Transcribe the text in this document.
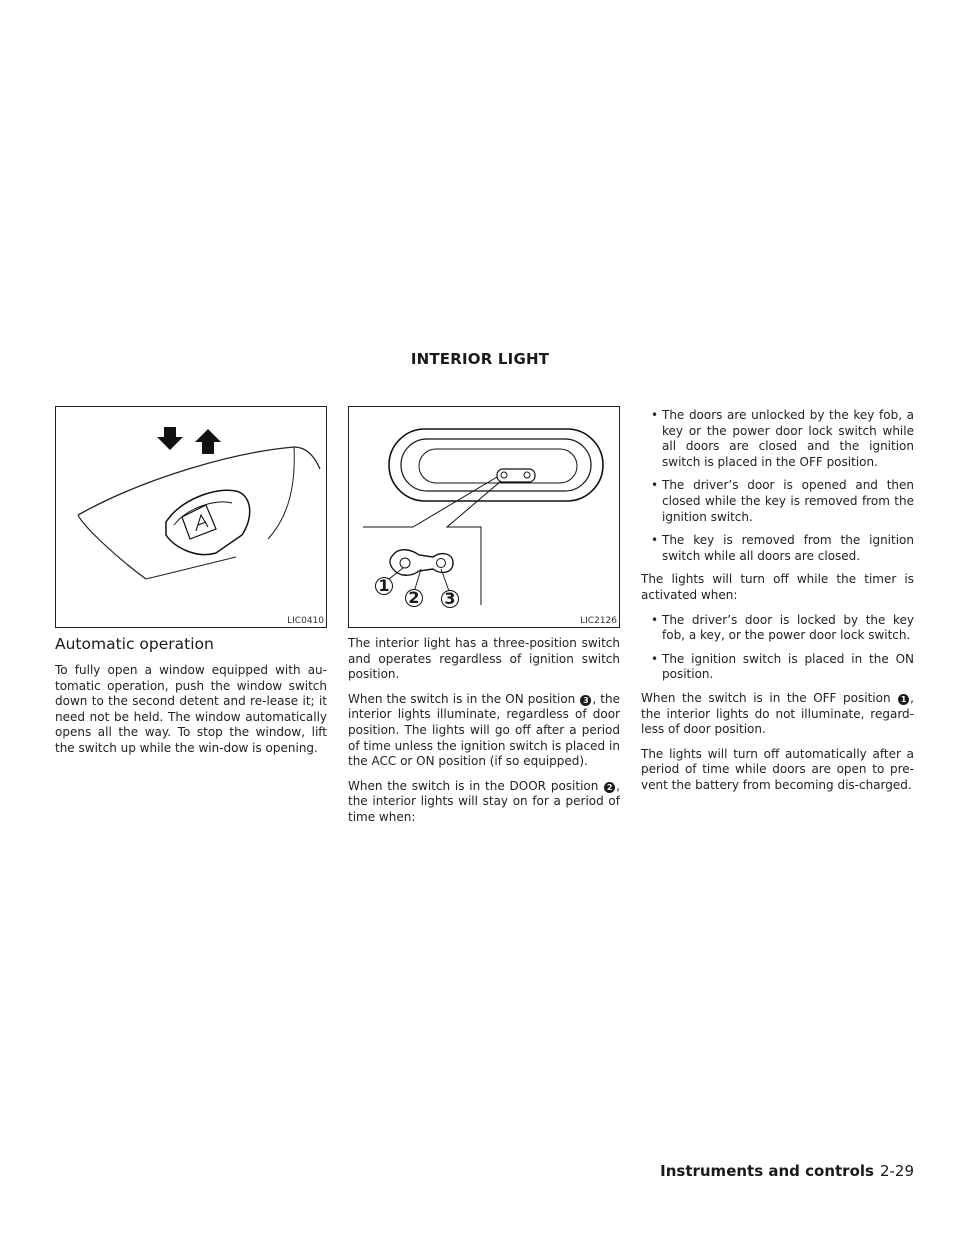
INTERIOR LIGHT
LIC0410
Automatic operation

To fully open a window equipped with au-tomatic operation, push the window switch down to the second detent and re-lease it; it need not be held. The window automatically opens all the way. To stop the window, lift the switch up while the win-dow is opening.

1
2 3
LIC2126

The interior light has a three-position switch and operates regardless of ignition switch position.

When the switch is in the ON position 3 , the interior lights illuminate, regardless of door position. The lights will go off after a period of time unless the ignition switch is placed in the ACC or ON position (if so equipped).

When the switch is in the DOOR position 2 , the interior lights will stay on for a period of time when:

• The doors are unlocked by the key fob, a key or the power door lock switch while all doors are closed and the ignition switch is placed in the OFF position.
• The driver’s door is opened and then closed while the key is removed from the ignition switch.
• The key is removed from the ignition switch while all doors are closed.

The lights will turn off while the timer is activated when:

• The driver’s door is locked by the key fob, a key, or the power door lock switch.
• The ignition switch is placed in the ON position.

When the switch is in the OFF position 1 , the interior lights do not illuminate, regard-less of door position.

The lights will turn off automatically after a period of time while doors are open to pre-vent the battery from becoming dis-charged.

Instruments and controls 2-29
